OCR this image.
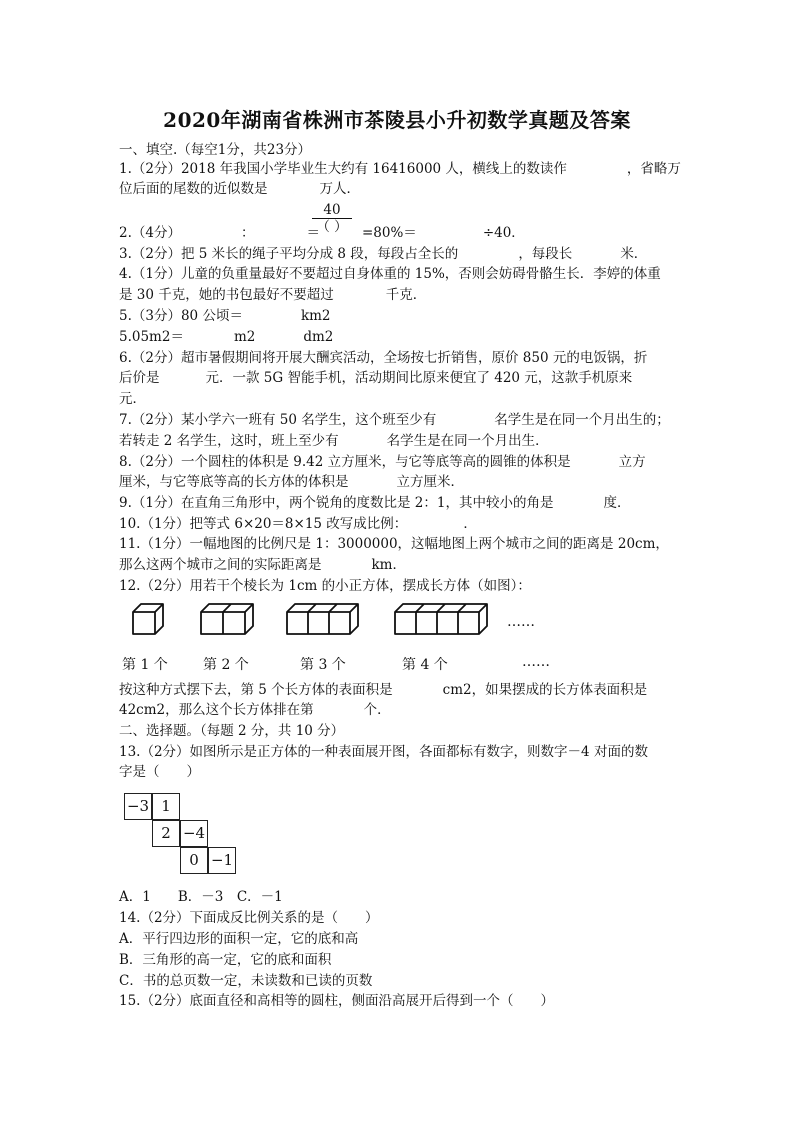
2020年湖南省株洲市茶陵县小升初数学真题及答案
一、填空.（每空1分，共23分）
1.（2分）2018 年我国小学毕业生大约有 16416000 人，横线上的数读作	，省略万
位后面的尾数的近似数是	万人．
2.（4分）	：	＝	=80%＝	÷40．
40
（ ）
3.（2分）把 5 米长的绳子平均分成 8 段，每段占全长的	，每段长	米．
4.（1分）儿童的负重量最好不要超过自身体重的 15%，否则会妨碍骨骼生长．李婷的体重
是 30 千克，她的书包最好不要超过	千克．
5.（3分）80 公顷＝	km2
5.05m2＝	m2	dm2
6.（2分）超市暑假期间将开展大酬宾活动，全场按七折销售，原价 850 元的电饭锅，折
后价是	元．一款 5G 智能手机，活动期间比原来便宜了 420 元，这款手机原来
元．
7.（2分）某小学六一班有 50 名学生，这个班至少有	名学生是在同一个月出生的；
若转走 2 名学生，这时，班上至少有	名学生是在同一个月出生．
8.（2分）一个圆柱的体积是 9.42 立方厘米，与它等底等高的圆锥的体积是	立方
厘米，与它等底等高的长方体的体积是	立方厘米．
9.（1分）在直角三角形中，两个锐角的度数比是 2：1，其中较小的角是	度．
10.（1分）把等式 6×20＝8×15 改写成比例：	．
11.（1分）一幅地图的比例尺是 1：3000000，这幅地图上两个城市之间的距离是 20cm，
那么这两个城市之间的实际距离是	km．
12.（2分）用若干个棱长为 1cm 的小正方体，摆成长方体（如图）：
……
第 1 个	第 2 个	第 3 个	第 4 个	……
按这种方式摆下去，第 5 个长方体的表面积是	cm2，如果摆成的长方体表面积是
42cm2，那么这个长方体排在第	个．
二、选择题。（每题 2 分，共 10 分）
13.（2分）如图所示是正方体的一种表面展开图，各面都标有数字，则数字－4 对面的数
字是（　　）
−3 1
2 −4
0 −1
A．1　　B．－3　C．－1
14.（2分）下面成反比例关系的是（　　）
A．平行四边形的面积一定，它的底和高
B．三角形的高一定，它的底和面积
C．书的总页数一定，未读数和已读的页数
15.（2分）底面直径和高相等的圆柱，侧面沿高展开后得到一个（　　）
